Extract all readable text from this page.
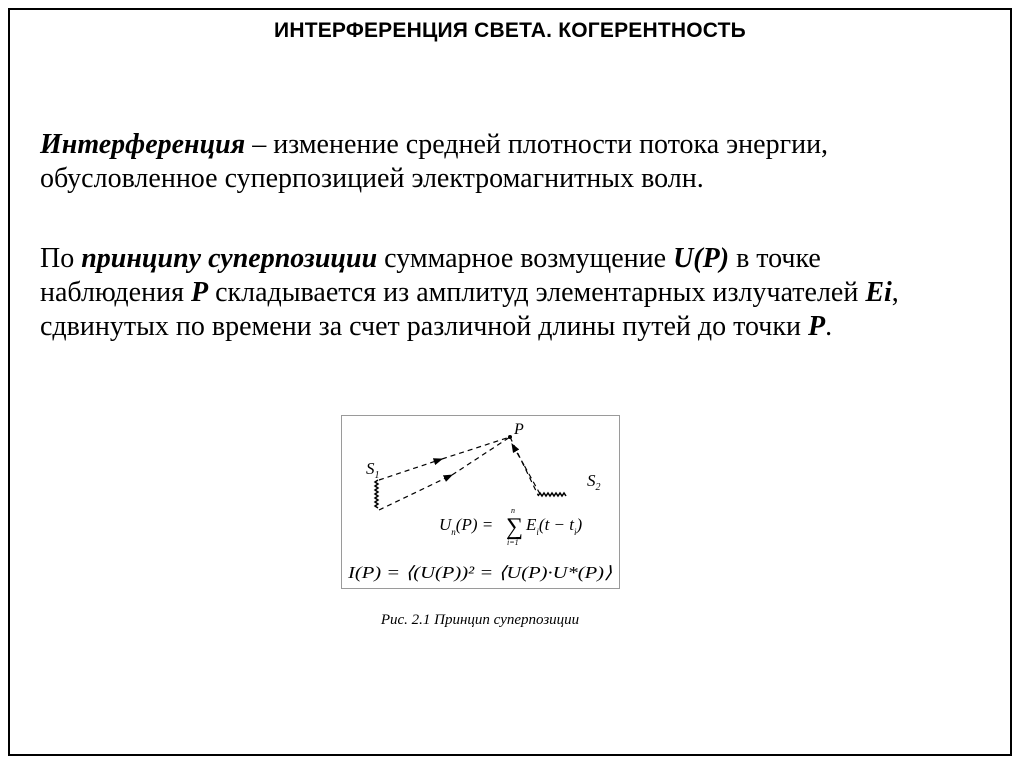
ИНТЕРФЕРЕНЦИЯ СВЕТА. КОГЕРЕНТНОСТЬ
Интерференция – изменение средней плотности потока энергии, обусловленное суперпозицией электромагнитных волн.
По принципу суперпозиции суммарное возмущение U(P) в точке наблюдения P складывается из амплитуд элементарных излучателей Ei, сдвинутых по времени за счет различной длины путей до точки P.
P
$S_1$	$S_2$
$U_n(P)$ = ∑
n
i=1
$E_i(t - t_i)$
I(P) = ⟨(U(P))² = ⟨U(P)·U*(P)⟩
Рис. 2.1 Принцип суперпозиции
